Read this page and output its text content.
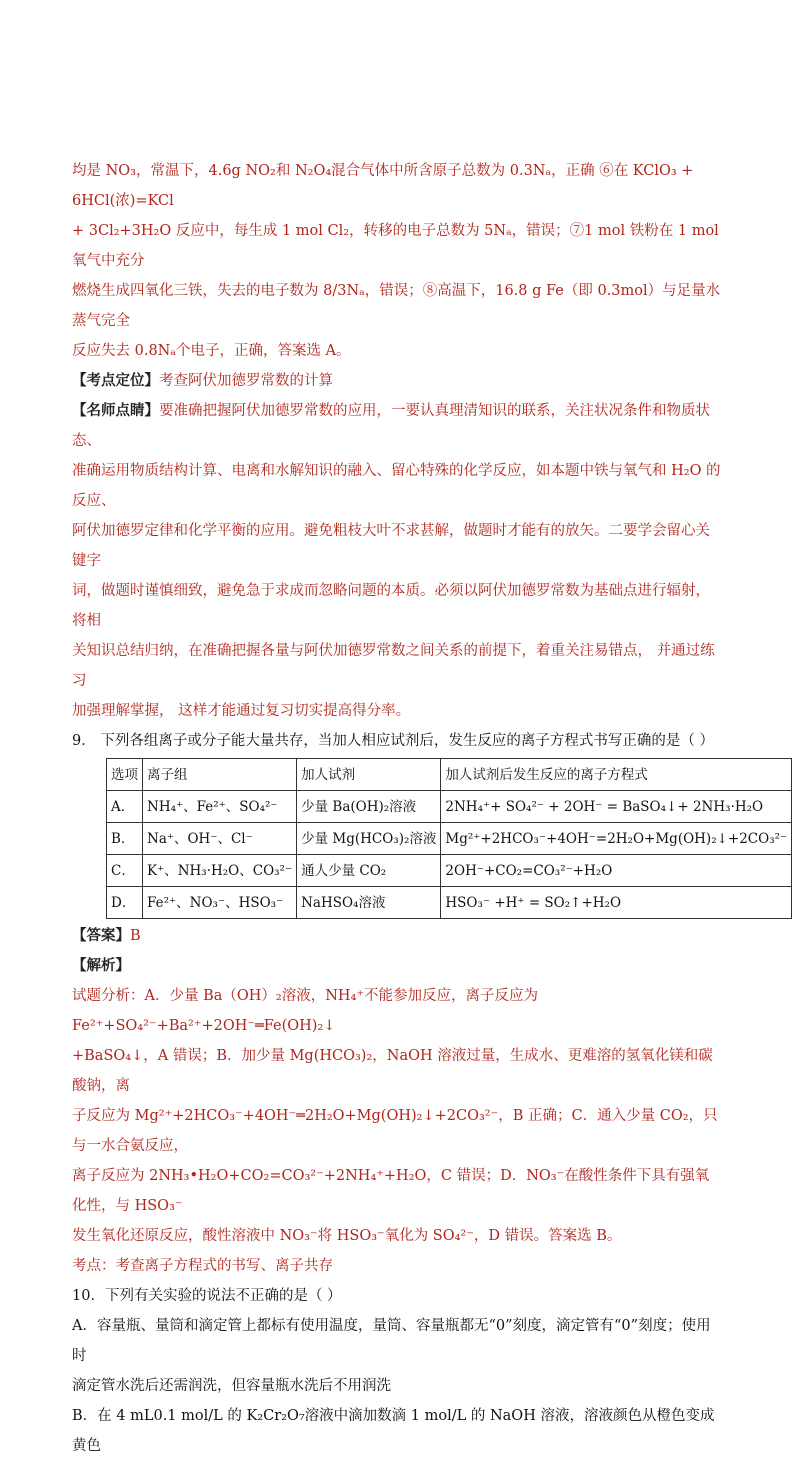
均是 NO₃，常温下，4.6g NO₂和 N₂O₄混合气体中所含原子总数为 0.3Nₐ，正确 ⑥在 KClO₃ + 6HCl(浓)=KCl

+ 3Cl₂+3H₂O 反应中，每生成 1 mol Cl₂，转移的电子总数为 5Nₐ，错误；⑦1 mol 铁粉在 1 mol 氧气中充分

燃烧生成四氧化三铁，失去的电子数为 8/3Nₐ，错误；⑧高温下，16.8 g Fe（即 0.3mol）与足量水蒸气完全

反应失去 0.8Nₐ个电子，正确，答案选 A。

【考点定位】考查阿伏加德罗常数的计算

【名师点睛】要准确把握阿伏加德罗常数的应用，一要认真理清知识的联系，关注状况条件和物质状态、

准确运用物质结构计算、电离和水解知识的融入、留心特殊的化学反应，如本题中铁与氧气和 H₂O 的反应、

阿伏加德罗定律和化学平衡的应用。避免粗枝大叶不求甚解，做题时才能有的放矢。二要学会留心关键字

词，做题时谨慎细致，避免急于求成而忽略问题的本质。必须以阿伏加德罗常数为基础点进行辐射，将相

关知识总结归纳，在准确把握各量与阿伏加德罗常数之间关系的前提下，着重关注易错点， 并通过练习

加强理解掌握， 这样才能通过复习切实提高得分率。

9． 下列各组离子或分子能大量共存，当加人相应试剂后，发生反应的离子方程式书写正确的是（ ）

选项	离子组	加人试剂	加人试剂后发生反应的离子方程式
A．	NH₄⁺、Fe²⁺、SO₄²⁻	少量 Ba(OH)₂溶液	2NH₄⁺+ SO₄²⁻ + 2OH⁻ = BaSO₄↓+ 2NH₃·H₂O
B．	Na⁺、OH⁻、Cl⁻	少量 Mg(HCO₃)₂溶液	Mg²⁺+2HCO₃⁻+4OH⁻=2H₂O+Mg(OH)₂↓+2CO₃²⁻
C．	K⁺、NH₃·H₂O、CO₃²⁻	通人少量 CO₂	2OH⁻+CO₂=CO₃²⁻+H₂O
D．	Fe²⁺、NO₃⁻、HSO₃⁻	NaHSO₄溶液	HSO₃⁻ +H⁺ = SO₂↑+H₂O

【答案】B

【解析】

试题分析：A．少量 Ba（OH）₂溶液，NH₄⁺不能参加反应，离子反应为 Fe²⁺+SO₄²⁻+Ba²⁺+2OH⁻═Fe(OH)₂↓

+BaSO₄↓，A 错误；B．加少量 Mg(HCO₃)₂，NaOH 溶液过量，生成水、更难溶的氢氧化镁和碳酸钠，离

子反应为 Mg²⁺+2HCO₃⁻+4OH⁻═2H₂O+Mg(OH)₂↓+2CO₃²⁻，B 正确；C．通入少量 CO₂，只与一水合氨反应，

离子反应为 2NH₃•H₂O+CO₂=CO₃²⁻+2NH₄⁺+H₂O，C 错误；D．NO₃⁻在酸性条件下具有强氧化性，与 HSO₃⁻

发生氧化还原反应，酸性溶液中 NO₃⁻将 HSO₃⁻氧化为 SO₄²⁻，D 错误。答案选 B。

考点：考查离子方程式的书写、离子共存

10．下列有关实验的说法不正确的是（ ）

A．容量瓶、量筒和滴定管上都标有使用温度，量筒、容量瓶都无“0”刻度，滴定管有“0”刻度；使用时

滴定管水洗后还需润洗，但容量瓶水洗后不用润洗

B．在 4 mL0.1 mol/L 的 K₂Cr₂O₇溶液中滴加数滴 1 mol/L 的 NaOH 溶液，溶液颜色从橙色变成黄色
